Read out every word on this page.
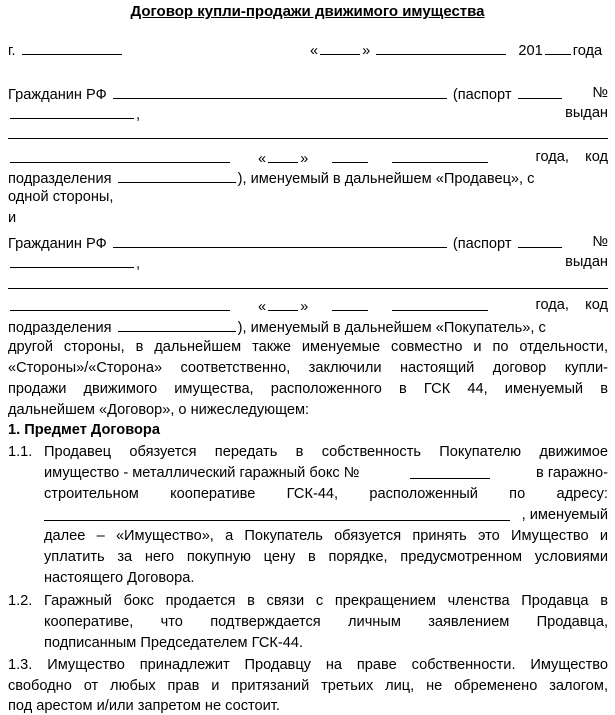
Договор купли-продажи движимого имущества
г.	«	»	201 года
Гражданин РФ	(паспорт	№
,	выдан
« »	года,    код
подразделения	), именуемый в дальнейшем «Продавец», с
одной стороны,
и
Гражданин РФ	(паспорт	№
,	выдан
« »	года,    код
подразделения	), именуемый в дальнейшем «Покупатель», с
другой стороны, в дальнейшем также именуемые совместно и по отдельности,
«Стороны»/«Сторона» соответственно, заключили настоящий договор купли-
продажи движимого имущества, расположенного в ГСК 44, именуемый в
дальнейшем «Договор», о нижеследующем:
1. Предмет Договора
1.1. Продавец обязуется передать в собственность Покупателю движимое
имущество - металлический гаражный бокс №	в гаражно-
строительном кооперативе ГСК-44, расположенный по адресу:
, именуемый
далее – «Имущество», а Покупатель обязуется принять это Имущество и
уплатить за него покупную цену в порядке, предусмотренном условиями
настоящего Договора.
1.2. Гаражный бокс продается в связи с прекращением членства Продавца в
кооперативе, что подтверждается личным заявлением Продавца,
подписанным Председателем ГСК-44.
1.3. Имущество принадлежит Продавцу на праве собственности. Имущество
свободно от любых прав и притязаний третьих лиц, не обременено залогом,
под арестом и/или запретом не состоит.
